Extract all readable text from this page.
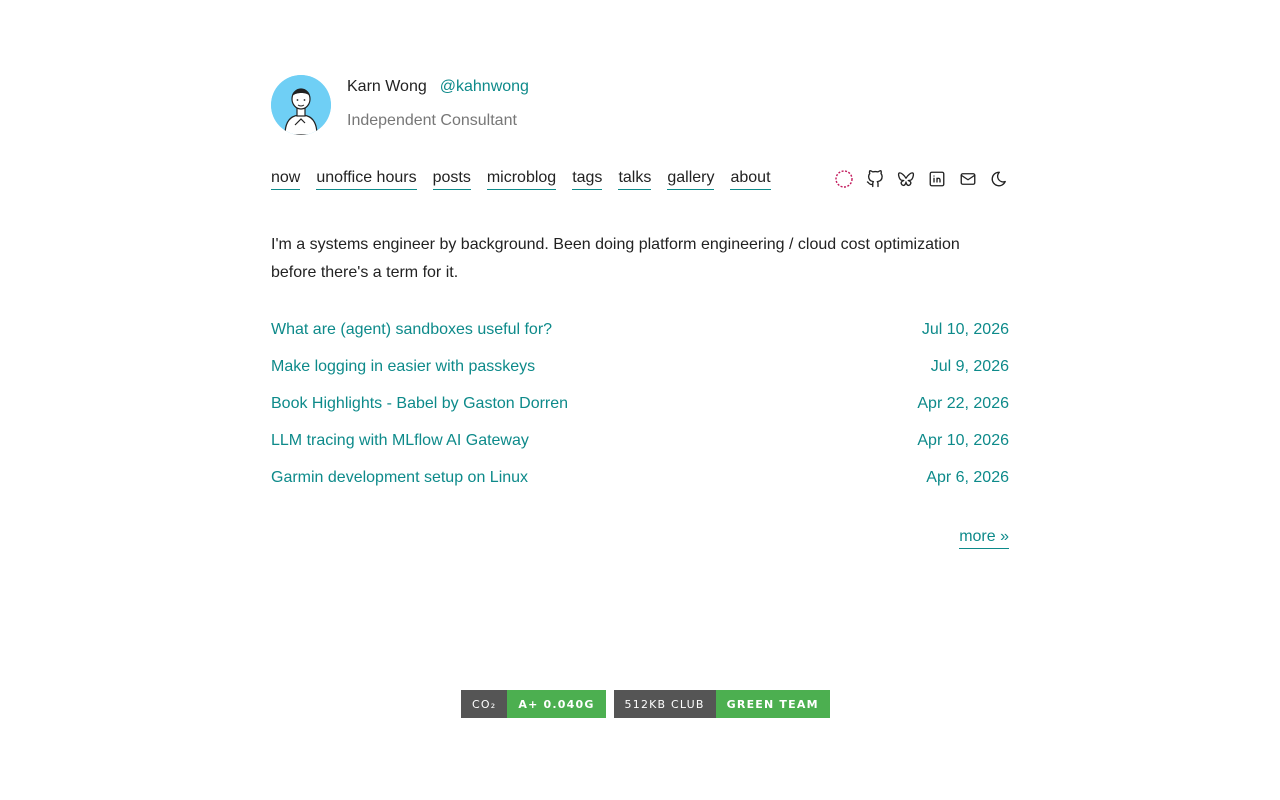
Karn Wong @kahnwong
Independent Consultant
now unoffice hours posts microblog tags talks gallery about
I'm a systems engineer by background. Been doing platform engineering / cloud cost optimization before there's a term for it.
What are (agent) sandboxes useful for?	Jul 10, 2026
Make logging in easier with passkeys	Jul 9, 2026
Book Highlights - Babel by Gaston Dorren	Apr 22, 2026
LLM tracing with MLflow AI Gateway	Apr 10, 2026
Garmin development setup on Linux	Apr 6, 2026
more »
CO₂	A+ 0.040G	512KB CLUB	GREEN TEAM
